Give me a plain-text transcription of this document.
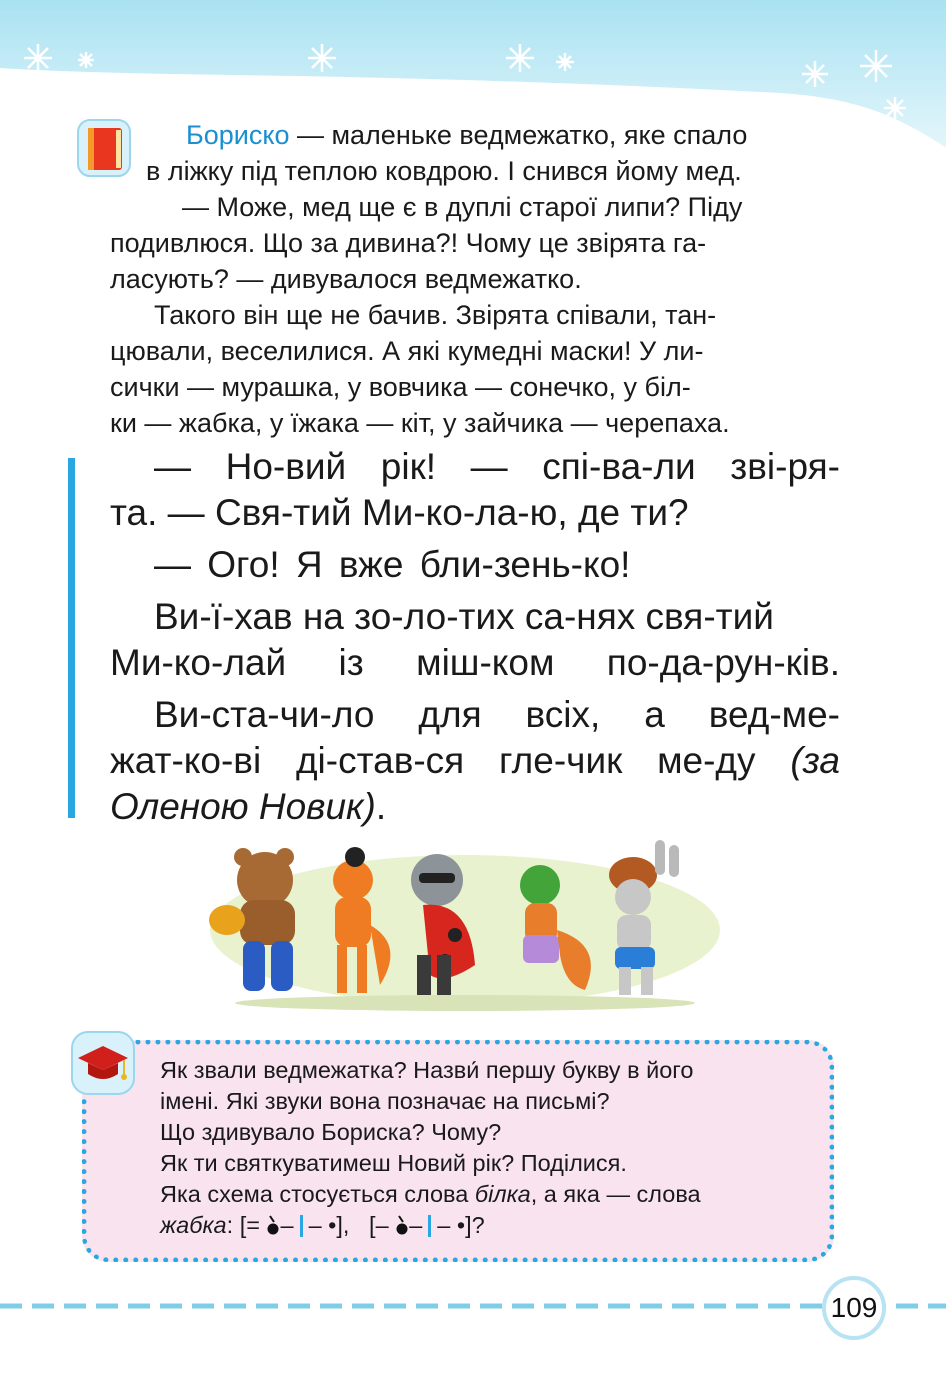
Бориско — маленьке ведмежатко, яке спало

в ліжку під теплою ковдрою. І снився йому мед.

— Може, мед ще є в дуплі старої липи? Піду

подивлюся. Що за дивина?! Чому це звірята га-

ласують? — дивувалося ведмежатко.

Такого він ще не бачив. Звірята співали, тан-

цювали, веселилися. А які кумедні маски! У ли-

сички — мурашка, у вовчика — сонечко, у біл-

ки — жабка, у їжака — кіт, у зайчика — черепаха.

— Но-вий рік! — спі-ва-ли зві-ря-

та. — Свя-тий Ми-ко-ла-ю, де ти?

— Ого! Я вже бли-зень-ко!

Ви-ї-хав на зо-ло-тих са-нях свя-тий

Ми-ко-лай із міш-ком по-да-рун-ків.

Ви-ста-чи-ло для всіх, а вед-ме-

жат-ко-ві ді-став-ся гле-чик ме-ду (за

Оленою Новик).

Як звали ведмежатка? Назви́ першу букву в його

імені. Які звуки вона позначає на письмі?

Що здивувало Бориска? Чому?

Як ти святкуватимеш Новий рік? Поділися.

Яка схема стосується слова білка, а яка — слова

жабка: [= – – •], [– – – •]?

109
